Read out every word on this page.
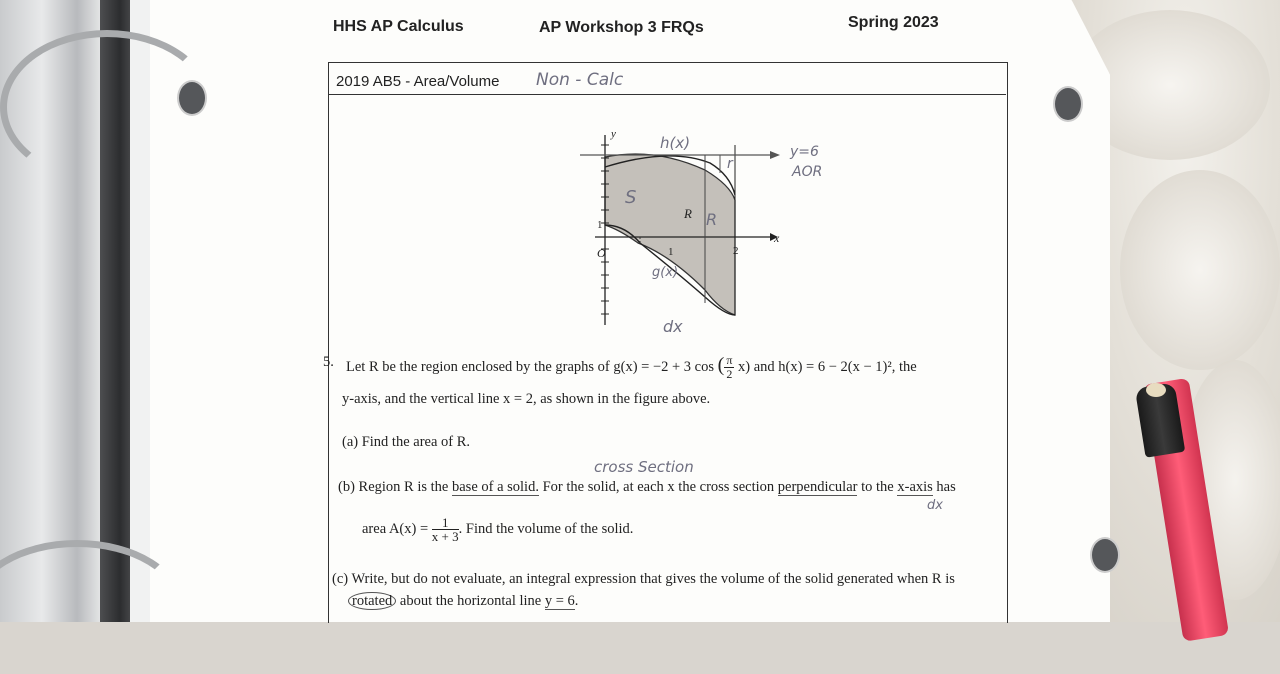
HHS AP Calculus	AP Workshop 3 FRQs	Spring 2023
2019 AB5 - Area/Volume Non - Calc
y
x
O
1
1	2
R
h(x)	y=6
AOR
r
R
S
g(x)
dx
5. Let R be the region enclosed by the graphs of g(x) = −2 + 3 cos ( $\frac{\pi}{2} x$) and h(x) = 6 − 2(x − 1)², the
y-axis, and the vertical line x = 2, as shown in the figure above.
(a) Find the area of R.
cross Section
(b) Region R is the base of a solid. For the solid, at each x the cross section perpendicular to the x-axis has
dx
area $A(x) = \frac{1}{x + 3}$ . Find the volume of the solid.
(c) Write, but do not evaluate, an integral expression that gives the volume of the solid generated when R is
rotated about the horizontal line y = 6.
